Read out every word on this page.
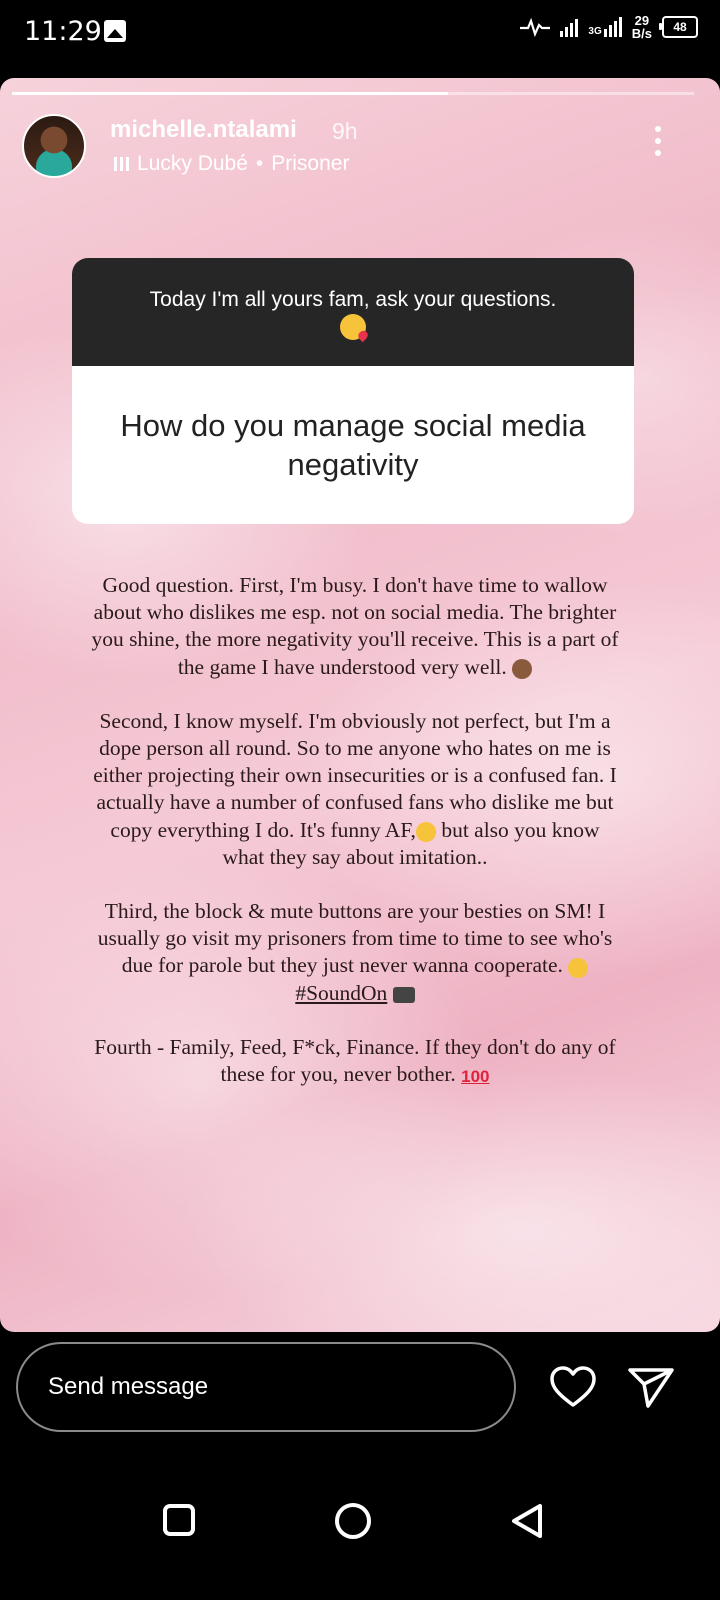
11:29	3G
29
B/s 48
michelle.ntalami 9h
Lucky Dubé • Prisoner
Today I'm all yours fam, ask your questions.

How do you manage social media negativity

Good question. First, I'm busy. I don't have time to wallow about who dislikes me esp. not on social media. The brighter you shine, the more negativity you'll receive. This is a part of the game I have understood very well.

Second, I know myself. I'm obviously not perfect, but I'm a dope person all round. So to me anyone who hates on me is either projecting their own insecurities or is a confused fan. I actually have a number of confused fans who dislike me but copy everything I do. It's funny AF, but also you know what they say about imitation..

Third, the block & mute buttons are your besties on SM! I usually go visit my prisoners from time to time to see who's due for parole but they just never wanna cooperate.  #SoundOn

Fourth - Family, Feed, F*ck, Finance. If they don't do any of these for you, never bother. 100

Send message
